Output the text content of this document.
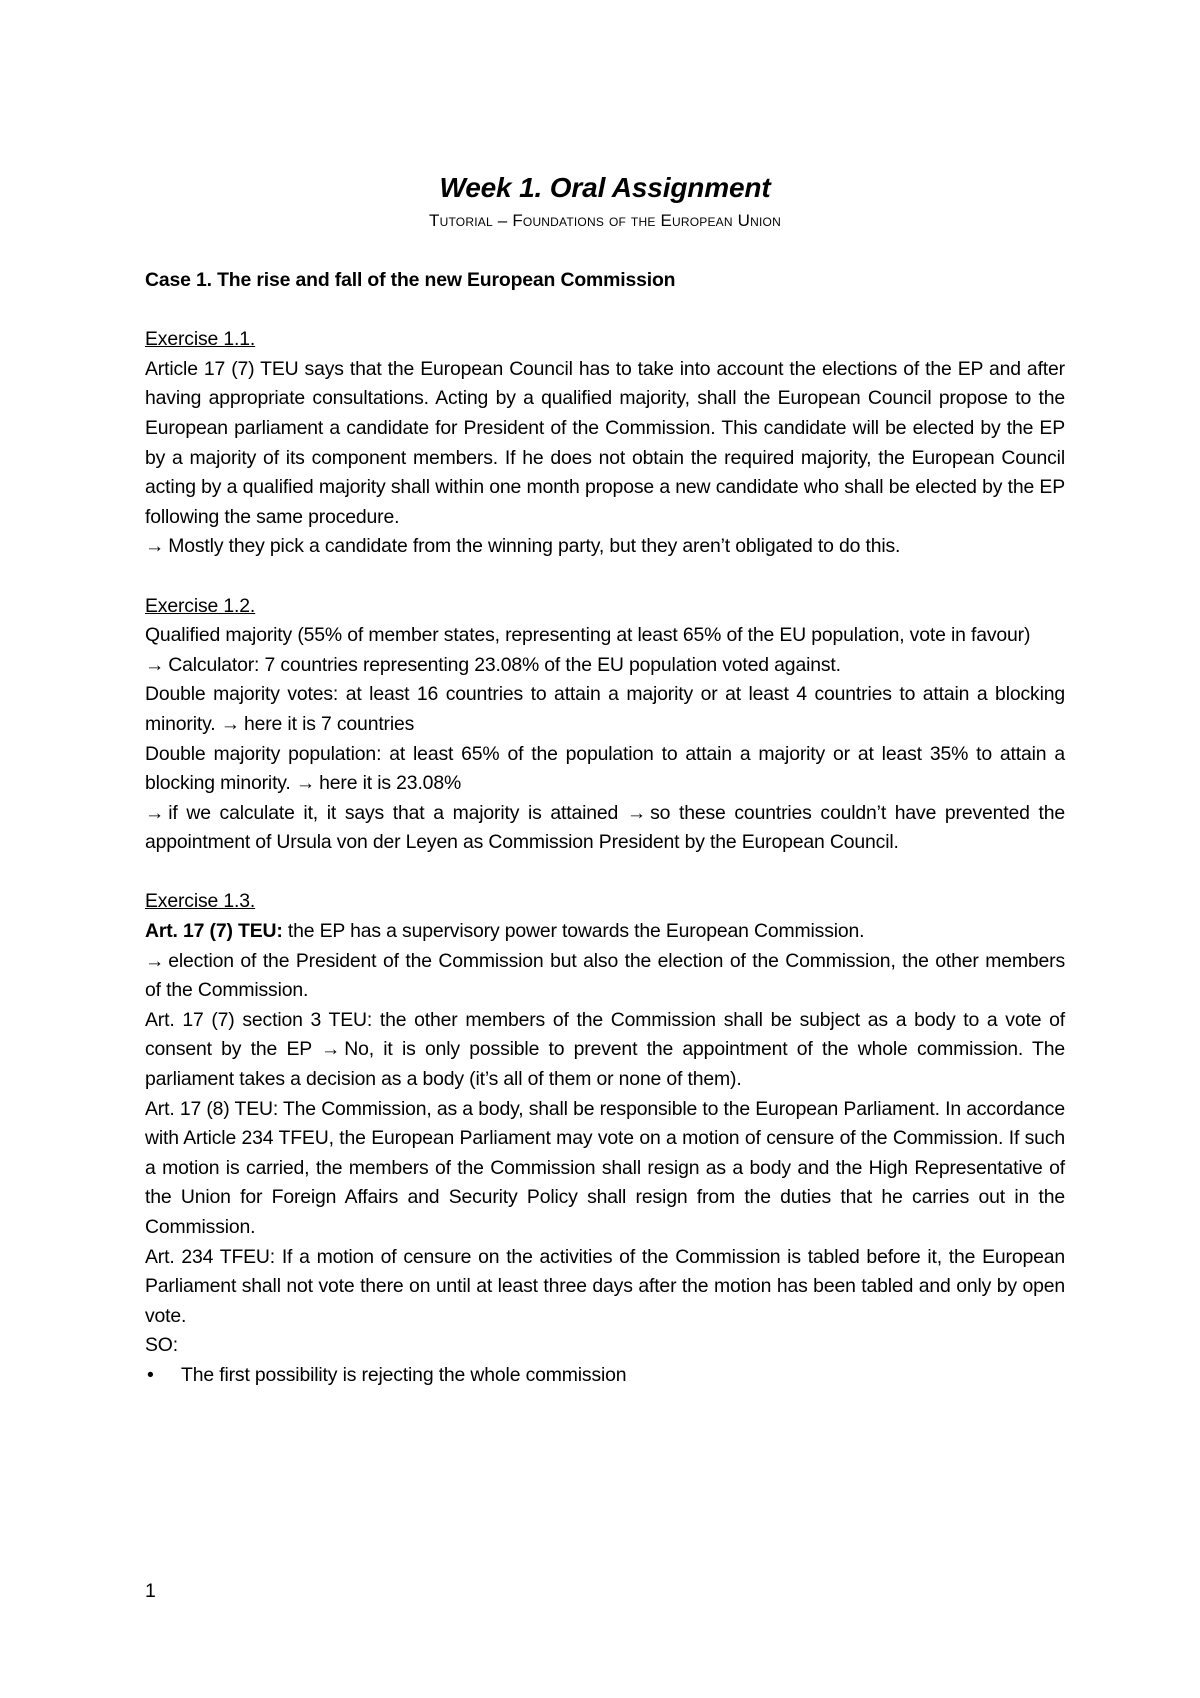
Week 1. Oral Assignment
Tutorial – Foundations of the European Union
Case 1. The rise and fall of the new European Commission
Exercise 1.1.

Article 17 (7) TEU says that the European Council has to take into account the elections of the EP and after having appropriate consultations. Acting by a qualified majority, shall the European Council propose to the European parliament a candidate for President of the Commission. This candidate will be elected by the EP by a majority of its component members. If he does not obtain the required majority, the European Council acting by a qualified majority shall within one month propose a new candidate who shall be elected by the EP following the same procedure.

→ Mostly they pick a candidate from the winning party, but they aren’t obligated to do this.

Exercise 1.2.

Qualified majority (55% of member states, representing at least 65% of the EU population, vote in favour)

→ Calculator: 7 countries representing 23.08% of the EU population voted against.

Double majority votes: at least 16 countries to attain a majority or at least 4 countries to attain a blocking minority. → here it is 7 countries

Double majority population: at least 65% of the population to attain a majority or at least 35% to attain a blocking minority. → here it is 23.08%

→ if we calculate it, it says that a majority is attained → so these countries couldn’t have prevented the appointment of Ursula von der Leyen as Commission President by the European Council.

Exercise 1.3.

Art. 17 (7) TEU: the EP has a supervisory power towards the European Commission.

→ election of the President of the Commission but also the election of the Commission, the other members of the Commission.

Art. 17 (7) section 3 TEU: the other members of the Commission shall be subject as a body to a vote of consent by the EP → No, it is only possible to prevent the appointment of the whole commission. The parliament takes a decision as a body (it’s all of them or none of them).

Art. 17 (8) TEU: The Commission, as a body, shall be responsible to the European Parliament. In accordance with Article 234 TFEU, the European Parliament may vote on a motion of censure of the Commission. If such a motion is carried, the members of the Commission shall resign as a body and the High Representative of the Union for Foreign Affairs and Security Policy shall resign from the duties that he carries out in the Commission.

Art. 234 TFEU: If a motion of censure on the activities of the Commission is tabled before it, the European Parliament shall not vote there on until at least three days after the motion has been tabled and only by open vote.

SO:

• The first possibility is rejecting the whole commission
1
